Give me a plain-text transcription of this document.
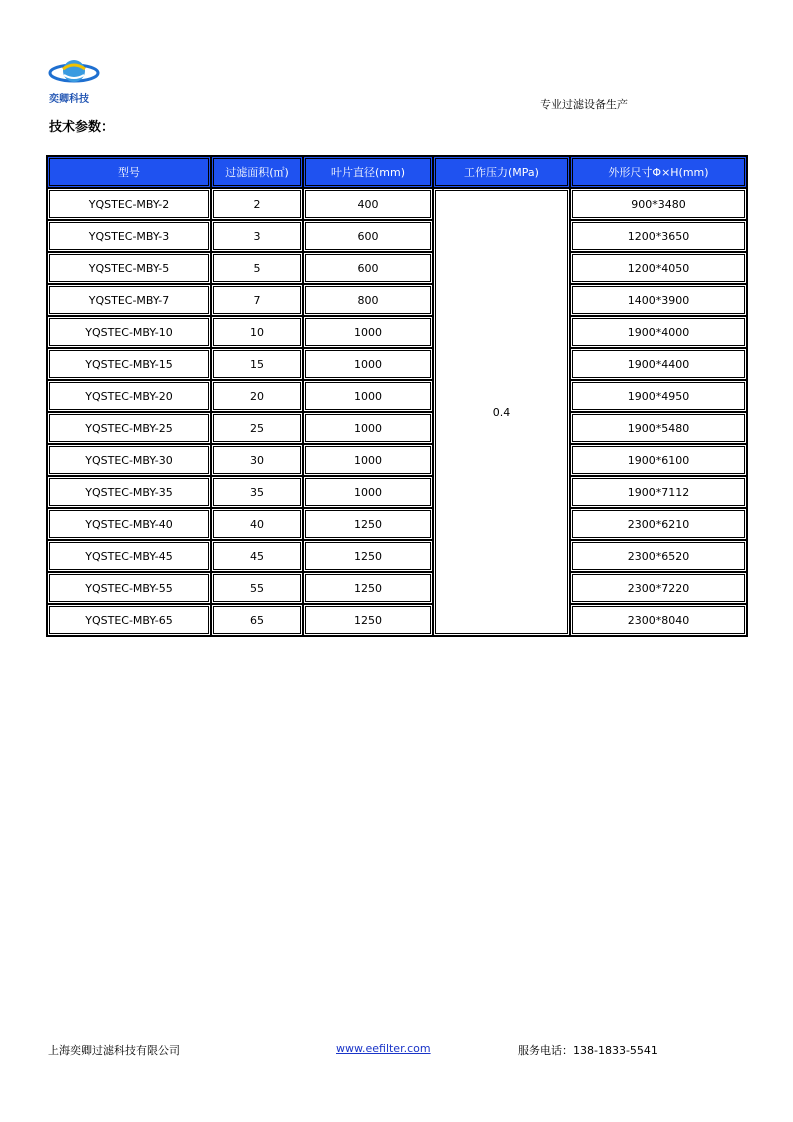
奕卿科技	专业过滤设备生产
技术参数：
型号	过滤面积(㎡)	叶片直径(mm)	工作压力(MPa)	外形尺寸Φ×H(mm)
YQSTEC-MBY-2	2	400	0.4	900*3480
YQSTEC-MBY-3	3	600		1200*3650
YQSTEC-MBY-5	5	600		1200*4050
YQSTEC-MBY-7	7	800		1400*3900
YQSTEC-MBY-10	10	1000		1900*4000
YQSTEC-MBY-15	15	1000		1900*4400
YQSTEC-MBY-20	20	1000		1900*4950
YQSTEC-MBY-25	25	1000		1900*5480
YQSTEC-MBY-30	30	1000		1900*6100
YQSTEC-MBY-35	35	1000		1900*7112
YQSTEC-MBY-40	40	1250		2300*6210
YQSTEC-MBY-45	45	1250		2300*6520
YQSTEC-MBY-55	55	1250		2300*7220
YQSTEC-MBY-65	65	1250		2300*8040
上海奕卿过滤科技有限公司	www.eefilter.com	服务电话：138-1833-5541
